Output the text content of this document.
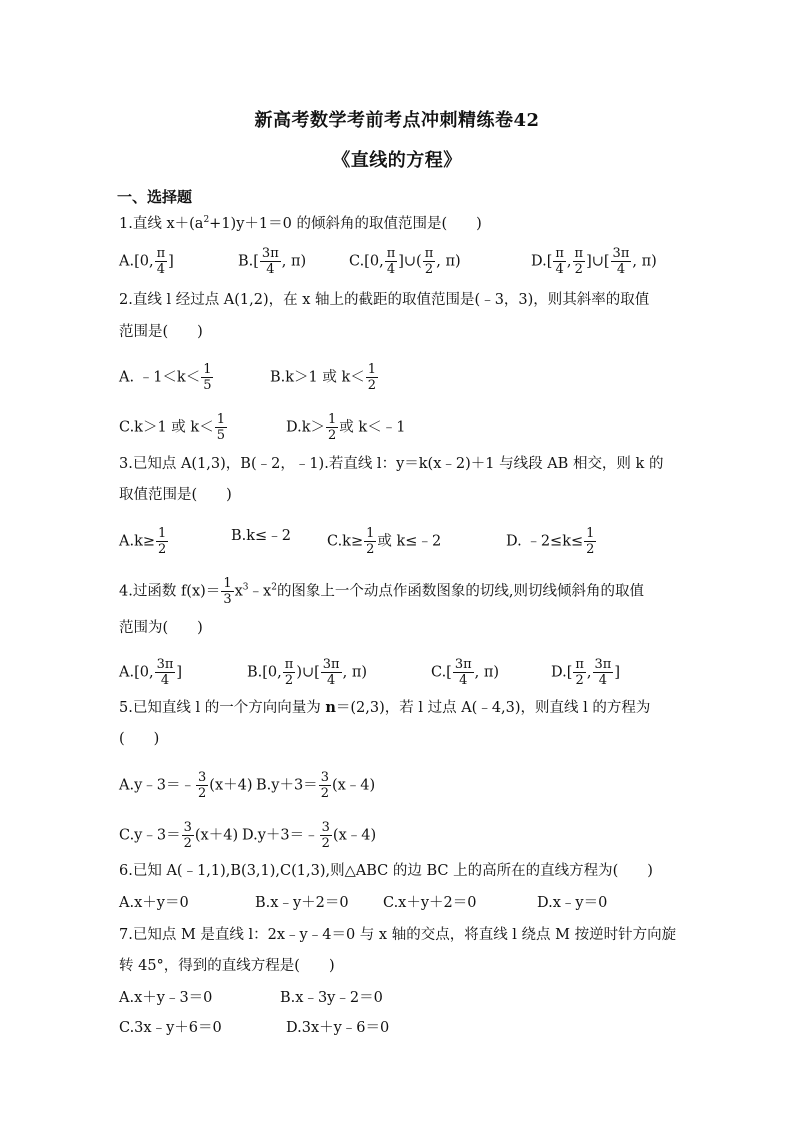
新高考数学考前考点冲刺精练卷42
《直线的方程》
一、选择题
1.直线 $x+(a^2+1)y+1=0$ 的倾斜角的取值范围是(　　)
A.[0, $\frac{\pi}{4}$ ]	$B.[ \frac{3\pi}{4}$ , π)	C.[0, $\frac{\pi}{4}$ ]∪( $\frac{\pi}{2}$ , π)	$D.[ \frac{\pi}{4}$ , $\frac{\pi}{2}$ ]∪[ $\frac{3\pi}{4}$ , π)
2.直线 l 经过点 A(1,2)，在 x 轴上的截距的取值范围是(﹣3，3)，则其斜率的取值
范围是(　　)
A. ﹣1＜k＜ $\frac{1}{5}$	B.k＞1 或 $k< \frac{1}{2}$
C.k＞1 或 $k< \frac{1}{5}$	$D.k> \frac{1}{2}$ 或 k＜﹣1
3.已知点 A(1,3)，B(﹣2，﹣1).若直线 l：y＝k(x﹣2)＋1 与线段 AB 相交，则 k 的
取值范围是(　　)
$A.k\ge \frac{1}{2}$	B.k≤﹣2 $C.k\ge \frac{1}{2}$ 或 k≤﹣2	D. ﹣2≤k≤ $\frac{1}{2}$
4.过函数 $f(x)= \frac{1}{3}$ $x^3﹣x^2$的图象上一个动点作函数图象的切线,则切线倾斜角的取值
范围为(　　)
A.[0, $\frac{3\pi}{4}$ ]	B.[0, $\frac{\pi}{2}$ )∪[ $\frac{3\pi}{4}$ , π)	$C.[ \frac{3\pi}{4}$ , π)	$D.[ \frac{\pi}{2}$ , $\frac{3\pi}{4}$ ]
5.已知直线 l 的一个方向向量为 n＝(2,3)，若 l 过点 A(﹣4,3)，则直线 l 的方程为
(　　)
A.y﹣3＝﹣ $\frac{3}{2} (x+4)$ $B.y+3= \frac{3}{2}$ (x﹣4)
C.y﹣3＝ $\frac{3}{2} (x+4)$ D.y＋3＝﹣ $\frac{3}{2}$ (x﹣4)
6.已知 A(﹣1,1),B(3,1),C(1,3),则△ABC 的边 BC 上的高所在的直线方程为(　　)
A.x＋y＝0	B.x﹣y＋2＝0 C.x＋y＋2＝0	D.x﹣y＝0
7.已知点 M 是直线 l：2x﹣y﹣4＝0 与 x 轴的交点，将直线 l 绕点 M 按逆时针方向旋
转 45°，得到的直线方程是(　　)
A.x＋y﹣3＝0	B.x﹣3y﹣2＝0
C.3x﹣y＋6＝0	D.3x＋y﹣6＝0
